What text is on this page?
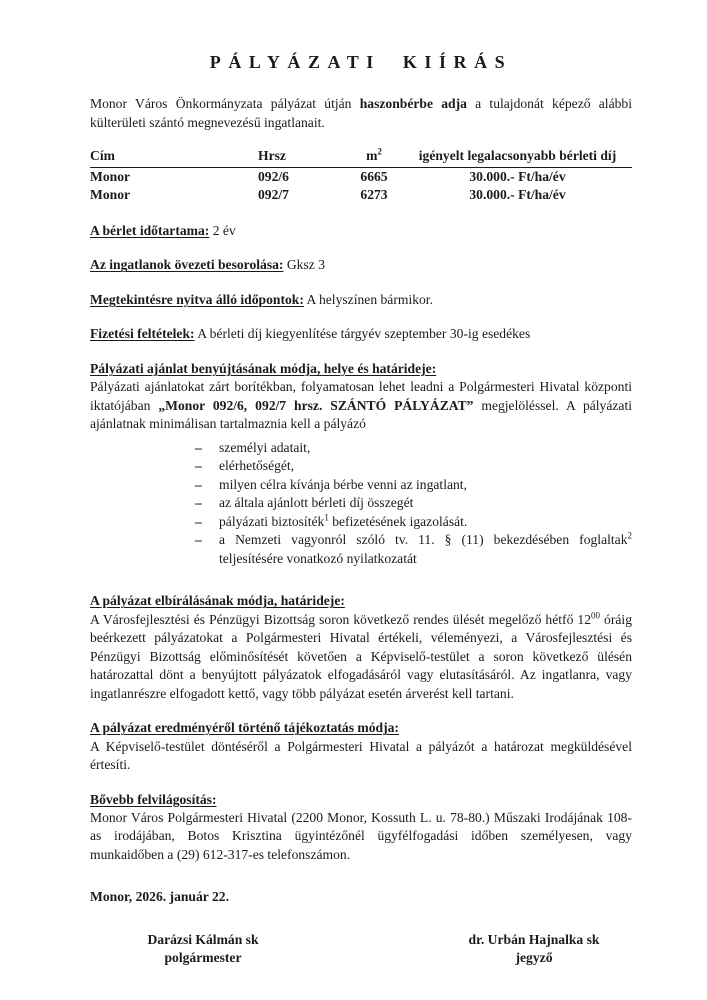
PÁLYÁZATI KIÍRÁS

Monor Város Önkormányzata pályázat útján haszonbérbe adja a tulajdonát képező alábbi külterületi szántó megnevezésű ingatlanait.

Cím	Hrsz	$m^2$	igényelt legalacsonyabb bérleti díj
Monor	092/6	6665	30.000.- Ft/ha/év
Monor	092/7	6273	30.000.- Ft/ha/év

A bérlet időtartama: 2 év

Az ingatlanok övezeti besorolása: Gksz 3

Megtekintésre nyitva álló időpontok: A helyszínen bármikor.

Fizetési feltételek: A bérleti díj kiegyenlítése tárgyév szeptember 30-ig esedékes

Pályázati ajánlat benyújtásának módja, helye és határideje:

Pályázati ajánlatokat zárt borítékban, folyamatosan lehet leadni a Polgármesteri Hivatal központi iktatójában „Monor 092/6, 092/7 hrsz. SZÁNTÓ PÁLYÁZAT” megjelöléssel. A pályázati ajánlatnak minimálisan tartalmaznia kell a pályázó

–	személyi adatait,
–	elérhetőségét,
–	milyen célra kívánja bérbe venni az ingatlant,
–	az általa ajánlott bérleti díj összegét
–	pályázati biztosíték$^1$ befizetésének igazolását.
–	a Nemzeti vagyonról szóló tv. 11. § (11) bekezdésében foglaltak$^2$ teljesítésére vonatkozó nyilatkozatát
A pályázat elbírálásának módja, határideje:

A Városfejlesztési és Pénzügyi Bizottság soron következő rendes ülését megelőző hétfő $12^{00}$ óráig beérkezett pályázatokat a Polgármesteri Hivatal értékeli, véleményezi, a Városfejlesztési és Pénzügyi Bizottság előminősítését követően a Képviselő-testület a soron következő ülésén határozattal dönt a benyújtott pályázatok elfogadásáról vagy elutasításáról. Az ingatlanra, vagy ingatlanrészre elfogadott kettő, vagy több pályázat esetén árverést kell tartani.

A pályázat eredményéről történő tájékoztatás módja:

A Képviselő-testület döntéséről a Polgármesteri Hivatal a pályázót a határozat megküldésével értesíti.

Bővebb felvilágosítás:

Monor Város Polgármesteri Hivatal (2200 Monor, Kossuth L. u. 78-80.) Műszaki Irodájának 108-as irodájában, Botos Krisztina ügyintézőnél ügyfélfogadási időben személyesen, vagy munkaidőben a (29) 612-317-es telefonszámon.

Monor, 2026. január 22.

Darázsi Kálmán sk
polgármester
dr. Urbán Hajnalka sk
jegyző
